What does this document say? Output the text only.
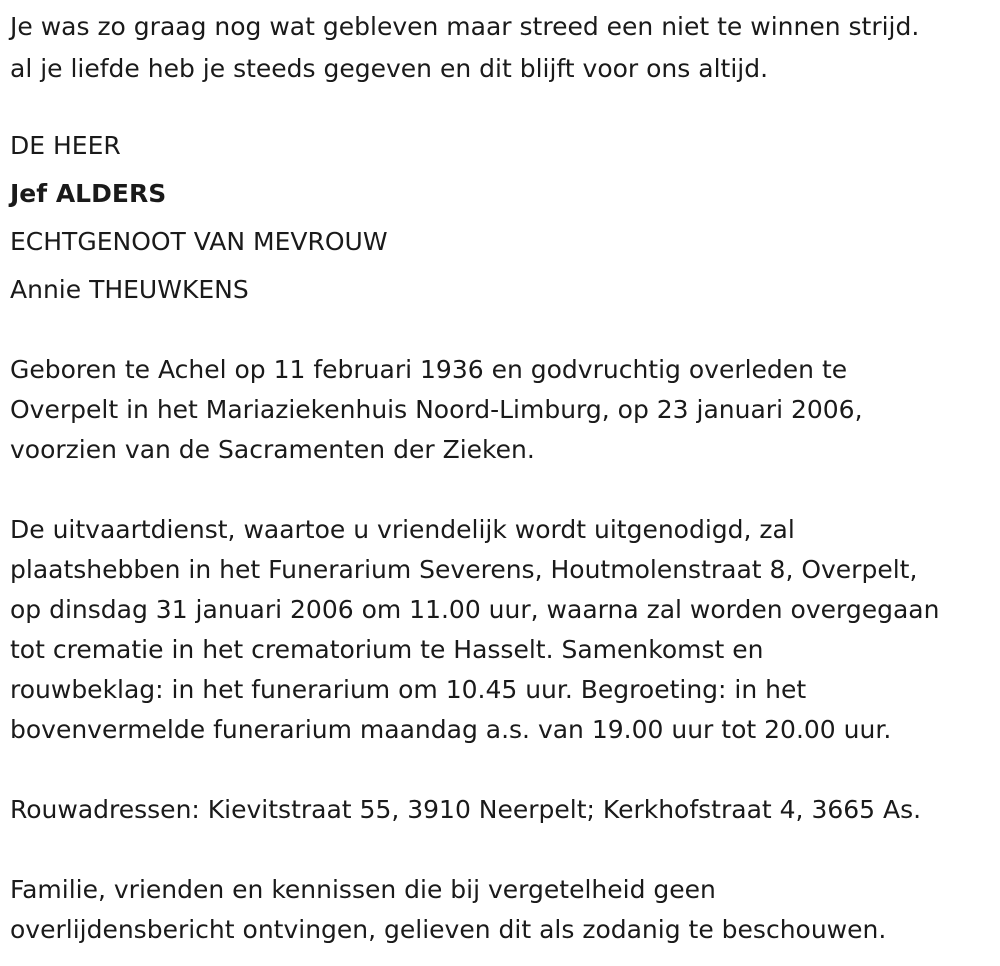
Je was zo graag nog wat gebleven maar streed een niet te winnen strijd.

al je liefde heb je steeds gegeven en dit blijft voor ons altijd.

DE HEER

Jef ALDERS

ECHTGENOOT VAN MEVROUW

Annie THEUWKENS

Geboren te Achel op 11 februari 1936 en godvruchtig overleden te

Overpelt in het Mariaziekenhuis Noord-Limburg, op 23 januari 2006,

voorzien van de Sacramenten der Zieken.

De uitvaartdienst, waartoe u vriendelijk wordt uitgenodigd, zal

plaatshebben in het Funerarium Severens, Houtmolenstraat 8, Overpelt,

op dinsdag 31 januari 2006 om 11.00 uur, waarna zal worden overgegaan

tot crematie in het crematorium te Hasselt. Samenkomst en

rouwbeklag: in het funerarium om 10.45 uur. Begroeting: in het

bovenvermelde funerarium maandag a.s. van 19.00 uur tot 20.00 uur.

Rouwadressen: Kievitstraat 55, 3910 Neerpelt; Kerkhofstraat 4, 3665 As.

Familie, vrienden en kennissen die bij vergetelheid geen

overlijdensbericht ontvingen, gelieven dit als zodanig te beschouwen.
